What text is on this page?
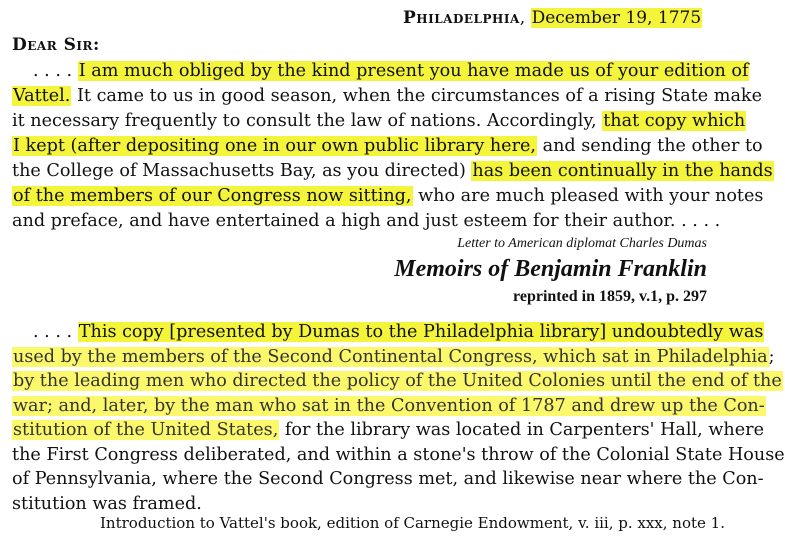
Philadelphia, December 19, 1775
Dear Sir:
. . . . I am much obliged by the kind present you have made us of your edition of
Vattel. It came to us in good season, when the circumstances of a rising State make
it necessary frequently to consult the law of nations. Accordingly, that copy which
I kept (after depositing one in our own public library here, and sending the other to
the College of Massachusetts Bay, as you directed) has been continually in the hands
of the members of our Congress now sitting, who are much pleased with your notes
and preface, and have entertained a high and just esteem for their author. . . . .
Letter to American diplomat Charles Dumas
Memoirs of Benjamin Franklin
reprinted in 1859, v.1, p. 297
. . . . This copy [presented by Dumas to the Philadelphia library] undoubtedly was
used by the members of the Second Continental Congress, which sat in Philadelphia;
by the leading men who directed the policy of the United Colonies until the end of the
war; and, later, by the man who sat in the Convention of 1787 and drew up the Con-
stitution of the United States, for the library was located in Carpenters' Hall, where
the First Congress deliberated, and within a stone's throw of the Colonial State House
of Pennsylvania, where the Second Congress met, and likewise near where the Con-
stitution was framed.
Introduction to Vattel's book, edition of Carnegie Endowment, v. iii, p. xxx, note 1.
